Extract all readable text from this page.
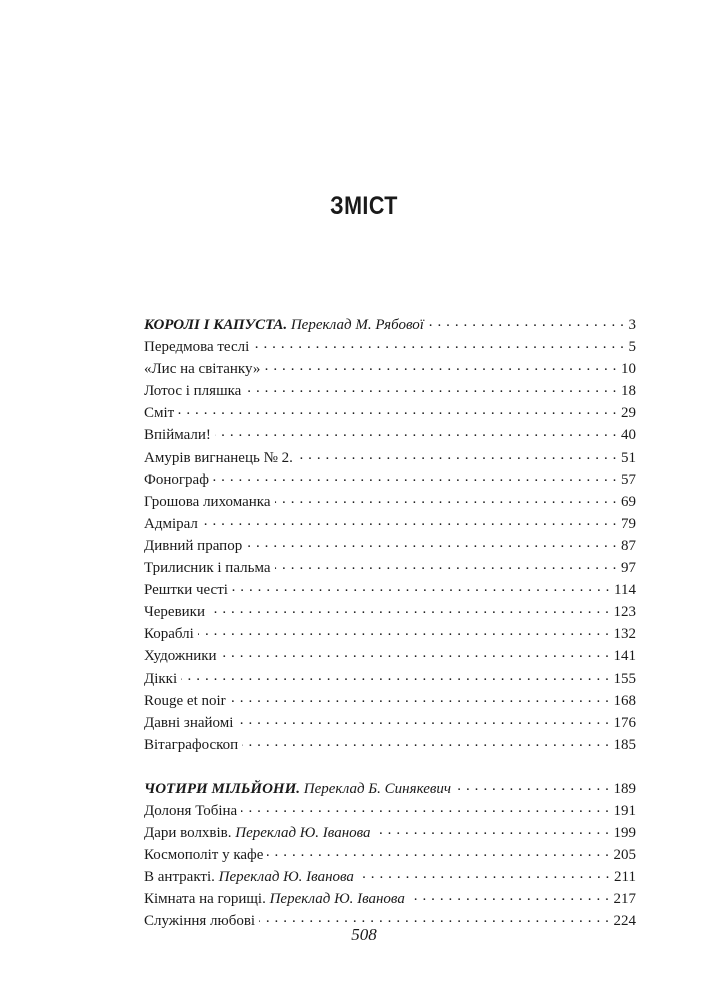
ЗМІСТ
КОРОЛІ І КАПУСТА. Переклад М. Рябової . . .	3
Передмова теслі . . .	5
«Лис на світанку» . . .	10
Лотос і пляшка . . .	18
Сміт . . .	29
Впіймали! . . .	40
Амурів вигнанець № 2. . . .	51
Фонограф . . .	57
Грошова лихоманка . . .	69
Адмірал . . .	79
Дивний прапор . . .	87
Трилисник і пальма . . .	97
Рештки честі . . .	114
Черевики . . .	123
Кораблі . . .	132
Художники . . .	141
Діккі . . .	155
Rouge et noir . . .	168
Давні знайомі . . .	176
Вітаграфоскоп . . .	185
ЧОТИРИ МІЛЬЙОНИ. Переклад Б. Синякевич . . .	189
Долоня Тобіна . . .	191
Дари волхвів. Переклад Ю. Іванова . . .	199
Космополіт у кафе . . .	205
В антракті. Переклад Ю. Іванова . . .	211
Кімната на горищі. Переклад Ю. Іванова . . .	217
Служіння любові . . .	224
508
